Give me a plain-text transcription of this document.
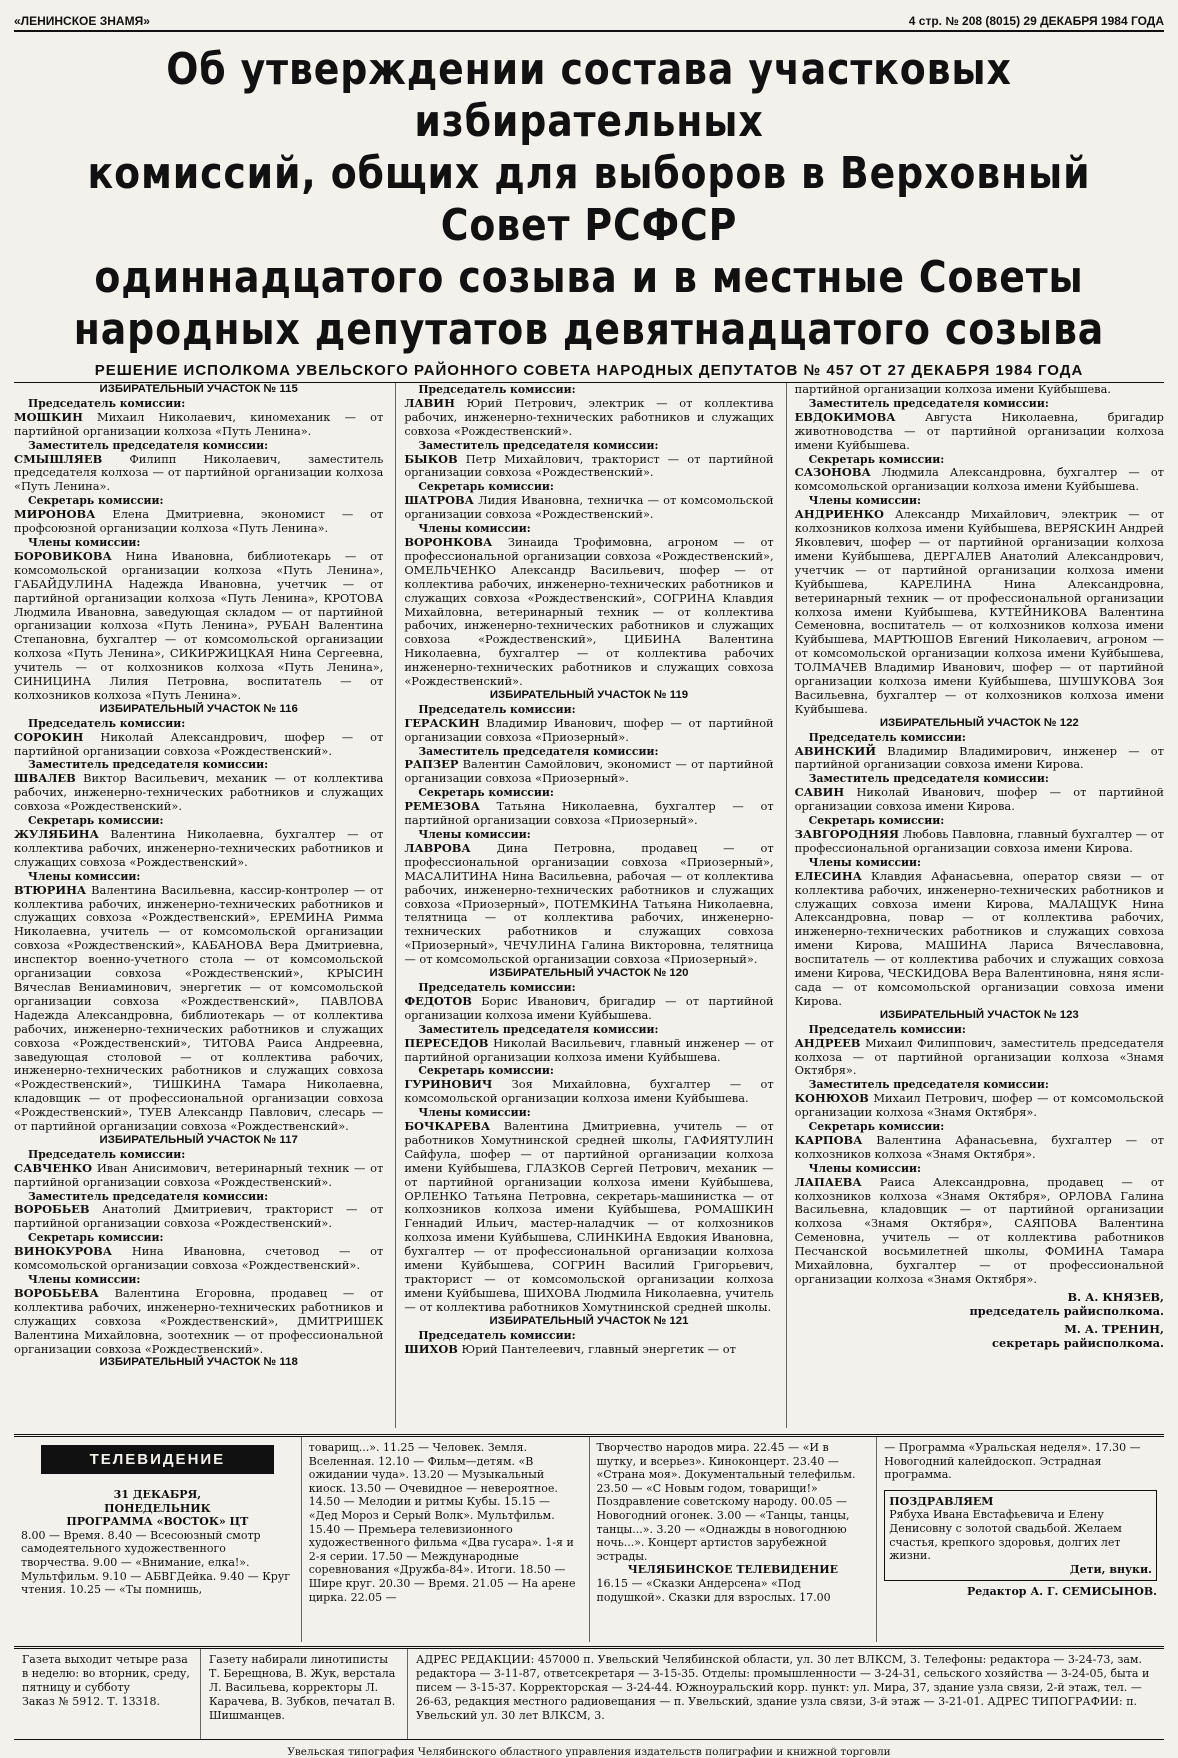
«ЛЕНИНСКОЕ ЗНАМЯ»	4 стр. № 208 (8015) 29 ДЕКАБРЯ 1984 ГОДА
Об утверждении состава участковых избирательных
комиссий, общих для выборов в Верховный Совет РСФСР
одиннадцатого созыва и в местные Советы
народных депутатов девятнадцатого созыва
РЕШЕНИЕ ИСПОЛКОМА УВЕЛЬСКОГО РАЙОННОГО СОВЕТА НАРОДНЫХ ДЕПУТАТОВ № 457 ОТ 27 ДЕКАБРЯ 1984 ГОДА

ИЗБИРАТЕЛЬНЫЙ УЧАСТОК № 115

Председатель комиссии:

МОШКИН Михаил Николаевич, киномеханик — от партийной организации колхоза «Путь Ленина».

Заместитель председателя комиссии:

СМЫШЛЯЕВ Филипп Николаевич, заместитель председателя колхоза — от партийной организации колхоза «Путь Ленина».

Секретарь комиссии:

МИРОНОВА Елена Дмитриевна, экономист — от профсоюзной организации колхоза «Путь Ленина».

Члены комиссии:

БОРОВИКОВА Нина Ивановна, библиотекарь — от комсомольской организации колхоза «Путь Ленина», ГАБАЙДУЛИНА Надежда Ивановна, учетчик — от партийной организации колхоза «Путь Ленина», КРОТОВА Людмила Ивановна, заведующая складом — от партийной организации колхоза «Путь Ленина», РУБАН Валентина Степановна, бухгалтер — от комсомольской организации колхоза «Путь Ленина», СИКИРЖИЦКАЯ Нина Сергеевна, учитель — от колхозников колхоза «Путь Ленина», СИНИЦИНА Лилия Петровна, воспитатель — от колхозников колхоза «Путь Ленина».

ИЗБИРАТЕЛЬНЫЙ УЧАСТОК № 116

Председатель комиссии:

СОРОКИН Николай Александрович, шофер — от партийной организации совхоза «Рождественский».

Заместитель председателя комиссии:

ШВАЛЕВ Виктор Васильевич, механик — от коллектива рабочих, инженерно-технических работников и служащих совхоза «Рождественский».

Секретарь комиссии:

ЖУЛЯБИНА Валентина Николаевна, бухгалтер — от коллектива рабочих, инженерно-технических работников и служащих совхоза «Рождественский».

Члены комиссии:

ВТЮРИНА Валентина Васильевна, кассир-контролер — от коллектива рабочих, инженерно-технических работников и служащих совхоза «Рождественский», ЕРЕМИНА Римма Николаевна, учитель — от комсомольской организации совхоза «Рождественский», КАБАНОВА Вера Дмитриевна, инспектор военно-учетного стола — от комсомольской организации совхоза «Рождественский», КРЫСИН Вячеслав Вениаминович, энергетик — от комсомольской организации совхоза «Рождественский», ПАВЛОВА Надежда Александровна, библиотекарь — от коллектива рабочих, инженерно-технических работников и служащих совхоза «Рождественский», ТИТОВА Раиса Андреевна, заведующая столовой — от коллектива рабочих, инженерно-технических работников и служащих совхоза «Рождественский», ТИШКИНА Тамара Николаевна, кладовщик — от профессиональной организации совхоза «Рождественский», ТУЕВ Александр Павлович, слесарь — от партийной организации совхоза «Рождественский».

ИЗБИРАТЕЛЬНЫЙ УЧАСТОК № 117

Председатель комиссии:

САВЧЕНКО Иван Анисимович, ветеринарный техник — от партийной организации совхоза «Рождественский».

Заместитель председателя комиссии:

ВОРОБЬЕВ Анатолий Дмитриевич, тракторист — от партийной организации совхоза «Рождественский».

Секретарь комиссии:

ВИНОКУРОВА Нина Ивановна, счетовод — от комсомольской организации совхоза «Рождественский».

Члены комиссии:

ВОРОБЬЕВА Валентина Егоровна, продавец — от коллектива рабочих, инженерно-технических работников и служащих совхоза «Рождественский», ДМИТРИШЕК Валентина Михайловна, зоотехник — от профессиональной организации совхоза «Рождественский».

ИЗБИРАТЕЛЬНЫЙ УЧАСТОК № 118

Председатель комиссии:

ЛАВИН Юрий Петрович, электрик — от коллектива рабочих, инженерно-технических работников и служащих совхоза «Рождественский».

Заместитель председателя комиссии:

БЫКОВ Петр Михайлович, тракторист — от партийной организации совхоза «Рождественский».

Секретарь комиссии:

ШАТРОВА Лидия Ивановна, техничка — от комсомольской организации совхоза «Рождественский».

Члены комиссии:

ВОРОНКОВА Зинаида Трофимовна, агроном — от профессиональной организации совхоза «Рождественский», ОМЕЛЬЧЕНКО Александр Васильевич, шофер — от коллектива рабочих, инженерно-технических работников и служащих совхоза «Рождественский», СОГРИНА Клавдия Михайловна, ветеринарный техник — от коллектива рабочих, инженерно-технических работников и служащих совхоза «Рождественский», ЦИБИНА Валентина Николаевна, бухгалтер — от коллектива рабочих инженерно-технических работников и служащих совхоза «Рождественский».

ИЗБИРАТЕЛЬНЫЙ УЧАСТОК № 119

Председатель комиссии:

ГЕРАСКИН Владимир Иванович, шофер — от партийной организации совхоза «Приозерный».

Заместитель председателя комиссии:

РАПЗЕР Валентин Самойлович, экономист — от партийной организации совхоза «Приозерный».

Секретарь комиссии:

РЕМЕЗОВА Татьяна Николаевна, бухгалтер — от партийной организации совхоза «Приозерный».

Члены комиссии:

ЛАВРОВА Дина Петровна, продавец — от профессиональной организации совхоза «Приозерный», МАСАЛИТИНА Нина Васильевна, рабочая — от коллектива рабочих, инженерно-технических работников и служащих совхоза «Приозерный», ПОТЕМКИНА Татьяна Николаевна, телятница — от коллектива рабочих, инженерно-технических работников и служащих совхоза «Приозерный», ЧЕЧУЛИНА Галина Викторовна, телятница — от комсомольской организации совхоза «Приозерный».

ИЗБИРАТЕЛЬНЫЙ УЧАСТОК № 120

Председатель комиссии:

ФЕДОТОВ Борис Иванович, бригадир — от партийной организации колхоза имени Куйбышева.

Заместитель председателя комиссии:

ПЕРЕСЕДОВ Николай Васильевич, главный инженер — от партийной организации колхоза имени Куйбышева.

Секретарь комиссии:

ГУРИНОВИЧ Зоя Михайловна, бухгалтер — от комсомольской организации колхоза имени Куйбышева.

Члены комиссии:

БОЧКАРЕВА Валентина Дмитриевна, учитель — от работников Хомутнинской средней школы, ГАФИЯТУЛИН Сайфула, шофер — от партийной организации колхоза имени Куйбышева, ГЛАЗКОВ Сергей Петрович, механик — от партийной организации колхоза имени Куйбышева, ОРЛЕНКО Татьяна Петровна, секретарь-машинистка — от колхозников колхоза имени Куйбышева, РОМАШКИН Геннадий Ильич, мастер-наладчик — от колхозников колхоза имени Куйбышева, СЛИНКИНА Евдокия Ивановна, бухгалтер — от профессиональной организации колхоза имени Куйбышева, СОГРИН Василий Григорьевич, тракторист — от комсомольской организации колхоза имени Куйбышева, ШИХОВА Людмила Николаевна, учитель — от коллектива работников Хомутнинской средней школы.

ИЗБИРАТЕЛЬНЫЙ УЧАСТОК № 121

Председатель комиссии:

ШИХОВ Юрий Пантелеевич, главный энергетик — от

партийной организации колхоза имени Куйбышева.

Заместитель председателя комиссии:

ЕВДОКИМОВА Августа Николаевна, бригадир животноводства — от партийной организации колхоза имени Куйбышева.

Секретарь комиссии:

САЗОНОВА Людмила Александровна, бухгалтер — от комсомольской организации колхоза имени Куйбышева.

Члены комиссии:

АНДРИЕНКО Александр Михайлович, электрик — от колхозников колхоза имени Куйбышева, ВЕРЯСКИН Андрей Яковлевич, шофер — от партийной организации колхоза имени Куйбышева, ДЕРГАЛЕВ Анатолий Александрович, учетчик — от партийной организации колхоза имени Куйбышева, КАРЕЛИНА Нина Александровна, ветеринарный техник — от профессиональной организации колхоза имени Куйбышева, КУТЕЙНИКОВА Валентина Семеновна, воспитатель — от колхозников колхоза имени Куйбышева, МАРТЮШОВ Евгений Николаевич, агроном — от комсомольской организации колхоза имени Куйбышева, ТОЛМАЧЕВ Владимир Иванович, шофер — от партийной организации колхоза имени Куйбышева, ШУШУКОВА Зоя Васильевна, бухгалтер — от колхозников колхоза имени Куйбышева.

ИЗБИРАТЕЛЬНЫЙ УЧАСТОК № 122

Председатель комиссии:

АВИНСКИЙ Владимир Владимирович, инженер — от партийной организации совхоза имени Кирова.

Заместитель председателя комиссии:

САВИН Николай Иванович, шофер — от партийной организации совхоза имени Кирова.

Секретарь комиссии:

ЗАВГОРОДНЯЯ Любовь Павловна, главный бухгалтер — от профессиональной организации совхоза имени Кирова.

Члены комиссии:

ЕЛЕСИНА Клавдия Афанасьевна, оператор связи — от коллектива рабочих, инженерно-технических работников и служащих совхоза имени Кирова, МАЛАЩУК Нина Александровна, повар — от коллектива рабочих, инженерно-технических работников и служащих совхоза имени Кирова, МАШИНА Лариса Вячеславовна, воспитатель — от коллектива рабочих и служащих совхоза имени Кирова, ЧЕСКИДОВА Вера Валентиновна, няня ясли-сада — от комсомольской организации совхоза имени Кирова.

ИЗБИРАТЕЛЬНЫЙ УЧАСТОК № 123

Председатель комиссии:

АНДРЕЕВ Михаил Филиппович, заместитель председателя колхоза — от партийной организации колхоза «Знамя Октября».

Заместитель председателя комиссии:

КОНЮХОВ Михаил Петрович, шофер — от комсомольской организации колхоза «Знамя Октября».

Секретарь комиссии:

КАРПОВА Валентина Афанасьевна, бухгалтер — от колхозников колхоза «Знамя Октября».

Члены комиссии:

ЛАПАЕВА Раиса Александровна, продавец — от колхозников колхоза «Знамя Октября», ОРЛОВА Галина Васильевна, кладовщик — от партийной организации колхоза «Знамя Октября», САЯПОВА Валентина Семеновна, учитель — от коллектива работников Песчанской восьмилетней школы, ФОМИНА Тамара Михайловна, бухгалтер — от профессиональной организации колхоза «Знамя Октября».

В. А. КНЯЗЕВ,
председатель райисполкома.

М. А. ТРЕНИН,
секретарь райисполкома.

ТЕЛЕВИДЕНИЕ
31 ДЕКАБРЯ,
ПОНЕДЕЛЬНИК
ПРОГРАММА «ВОСТОК» ЦТ
8.00 — Время. 8.40 — Всесоюзный смотр самодеятельного художественного творчества. 9.00 — «Внимание, елка!». Мультфильм. 9.10 — АБВГДейка. 9.40 — Круг чтения. 10.25 — «Ты помнишь,
товарищ...». 11.25 — Человек. Земля. Вселенная. 12.10 — Фильм—детям. «В ожидании чуда». 13.20 — Музыкальный киоск. 13.50 — Очевидное — невероятное. 14.50 — Мелодии и ритмы Кубы. 15.15 — «Дед Мороз и Серый Волк». Мультфильм. 15.40 — Премьера телевизионного художественного фильма «Два гусара». 1-я и 2-я серии. 17.50 — Международные соревнования «Дружба-84». Итоги. 18.50 — Шире круг. 20.30 — Время. 21.05 — На арене цирка. 22.05 —
Творчество народов мира. 22.45 — «И в шутку, и всерьез». Киноконцерт. 23.40 — «Страна моя». Документальный телефильм. 23.50 — «С Новым годом, товарищи!» Поздравление советскому народу. 00.05 — Новогодний огонек. 3.00 — «Танцы, танцы, танцы...». 3.20 — «Однажды в новогоднюю ночь...». Концерт артистов зарубежной эстрады.
ЧЕЛЯБИНСКОЕ ТЕЛЕВИДЕНИЕ
16.15 — «Сказки Андерсена» «Под подушкой». Сказки для взрослых. 17.00
— Программа «Уральская неделя». 17.30 — Новогодний калейдоскоп. Эстрадная программа.
ПОЗДРАВЛЯЕМ
Рябуха Ивана Евстафьевича и Елену Денисовну с золотой свадьбой. Желаем счастья, крепкого здоровья, долгих лет жизни.
Дети, внуки.
Редактор А. Г. СЕМИСЫНОВ.
Газета выходит четыре раза в неделю: во вторник, среду, пятницу и субботу
Заказ № 5912. Т. 13318.
Газету набирали линотиписты Т. Берещнова, В. Жук, верстала Л. Васильева, корректоры Л. Карачева, В. Зубков, печатал В. Шишманцев.
АДРЕС РЕДАКЦИИ: 457000 п. Увельский Челябинской области, ул. 30 лет ВЛКСМ, 3. Телефоны: редактора — 3-24-73, зам. редактора — 3-11-87, ответсекретаря — 3-15-35. Отделы: промышленности — 3-24-31, сельского хозяйства — 3-24-05, быта и писем — 3-15-37. Корректорская — 3-24-44. Южноуральский корр. пункт: ул. Мира, 37, здание узла связи, 2-й этаж, тел. — 26-63, редакция местного радиовещания — п. Увельский, здание узла связи, 3-й этаж — 3-21-01. АДРЕС ТИПОГРАФИИ: п. Увельский ул. 30 лет ВЛКСМ, 3.
Увельская типография Челябинского областного управления издательств полиграфии и книжной торговли
